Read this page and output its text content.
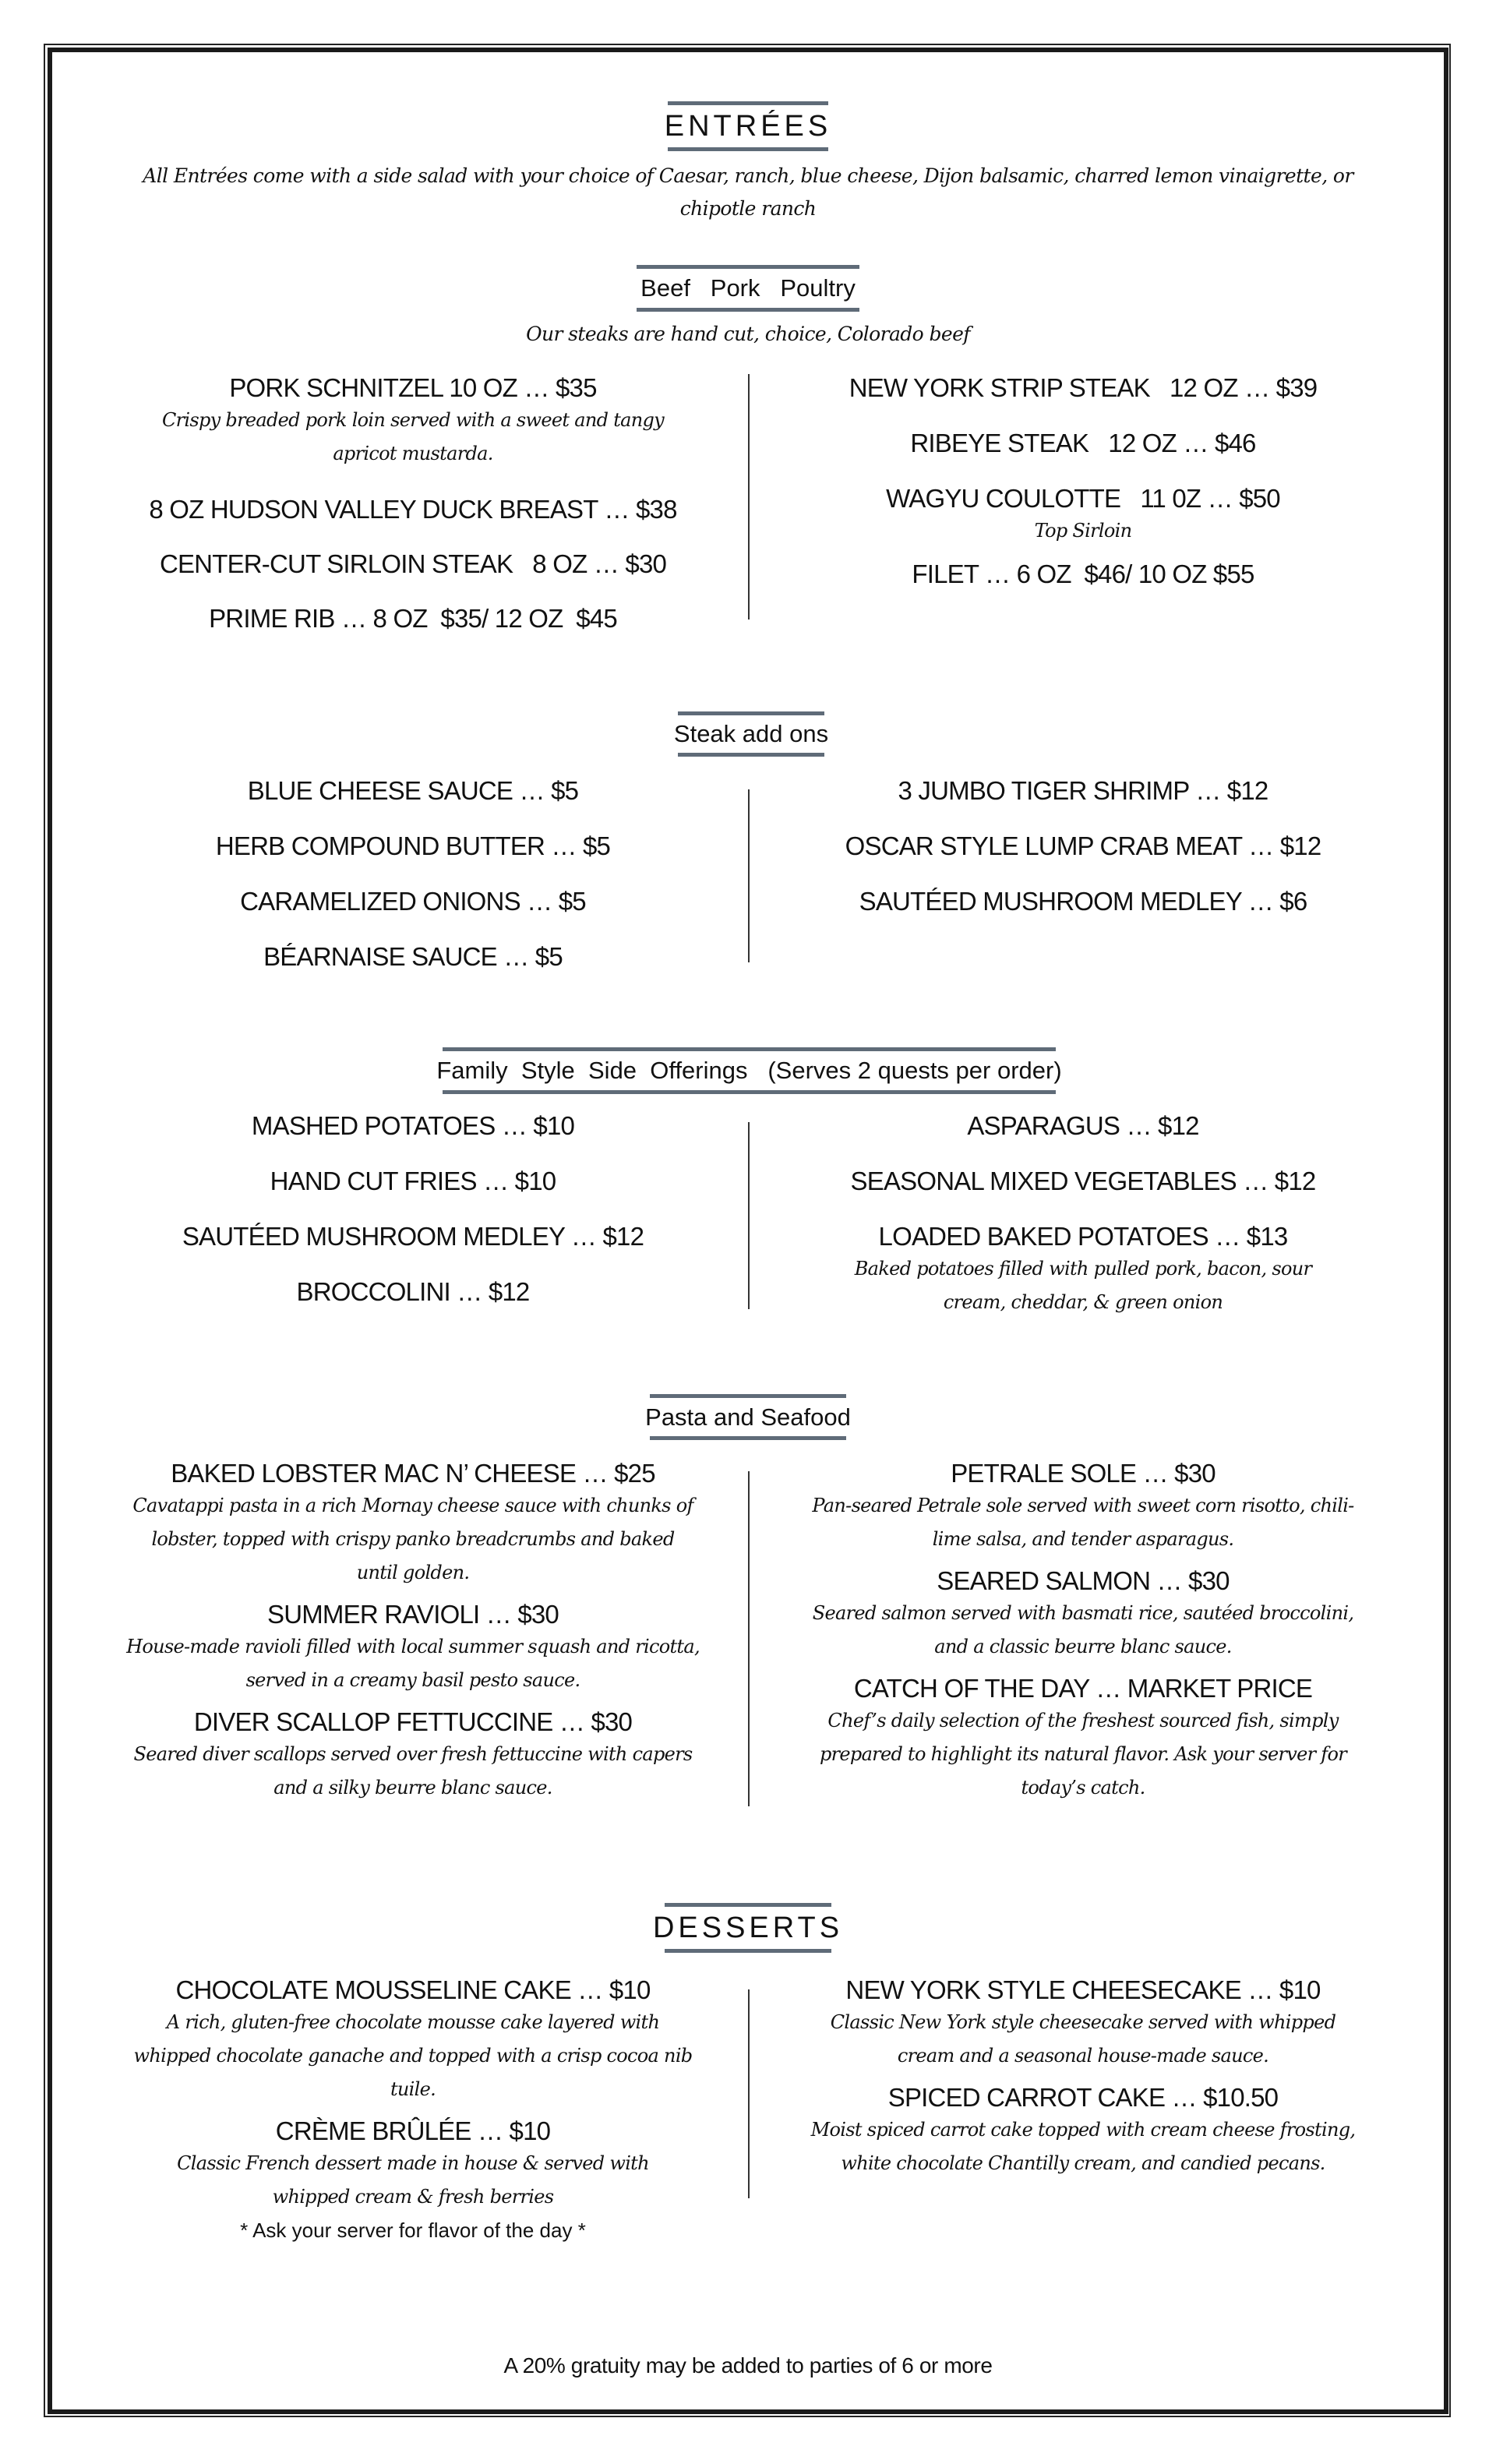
ENTRÉES
All Entrées come with a side salad with your choice of Caesar, ranch, blue cheese, Dijon balsamic, charred lemon vinaigrette, or chipotle ranch
Beef   Pork   Poultry
Our steaks are hand cut, choice, Colorado beef
PORK SCHNITZEL 10 OZ … $35
Crispy breaded pork loin served with a sweet and tangy apricot mustarda.
8 OZ HUDSON VALLEY DUCK BREAST … $38
CENTER-CUT SIRLOIN STEAK   8 OZ … $30
PRIME RIB … 8 OZ  $35/ 12 OZ  $45
NEW YORK STRIP STEAK   12 OZ … $39
RIBEYE STEAK   12 OZ … $46
WAGYU COULOTTE   11 0Z … $50
Top Sirloin
FILET … 6 OZ  $46/ 10 OZ $55
Steak add ons
BLUE CHEESE SAUCE … $5
HERB COMPOUND BUTTER … $5
CARAMELIZED ONIONS … $5
BÉARNAISE SAUCE … $5
3 JUMBO TIGER SHRIMP … $12
OSCAR STYLE LUMP CRAB MEAT … $12
SAUTÉED MUSHROOM MEDLEY … $6
Family  Style  Side  Offerings   (Serves 2 quests per order)
MASHED POTATOES … $10
HAND CUT FRIES … $10
SAUTÉED MUSHROOM MEDLEY … $12
BROCCOLINI … $12
ASPARAGUS … $12
SEASONAL MIXED VEGETABLES … $12
LOADED BAKED POTATOES … $13
Baked potatoes filled with pulled pork, bacon, sour cream, cheddar, & green onion
Pasta and Seafood
BAKED LOBSTER MAC N’ CHEESE … $25
Cavatappi pasta in a rich Mornay cheese sauce with chunks of lobster, topped with crispy panko breadcrumbs and baked until golden.
SUMMER RAVIOLI … $30
House-made ravioli filled with local summer squash and ricotta, served in a creamy basil pesto sauce.
DIVER SCALLOP FETTUCCINE … $30
Seared diver scallops served over fresh fettuccine with capers and a silky beurre blanc sauce.
PETRALE SOLE … $30
Pan-seared Petrale sole served with sweet corn risotto, chili-lime salsa, and tender asparagus.
SEARED SALMON … $30
Seared salmon served with basmati rice, sautéed broccolini, and a classic beurre blanc sauce.
CATCH OF THE DAY … MARKET PRICE
Chef’s daily selection of the freshest sourced fish, simply prepared to highlight its natural flavor. Ask your server for today’s catch.
DESSERTS
CHOCOLATE MOUSSELINE CAKE … $10
A rich, gluten-free chocolate mousse cake layered with whipped chocolate ganache and topped with a crisp cocoa nib tuile.
CRÈME BRÛLÉE … $10
Classic French dessert made in house & served with whipped cream & fresh berries
* Ask your server for flavor of the day *
NEW YORK STYLE CHEESECAKE … $10
Classic New York style cheesecake served with whipped cream and a seasonal house-made sauce.
SPICED CARROT CAKE … $10.50
Moist spiced carrot cake topped with cream cheese frosting, white chocolate Chantilly cream, and candied pecans.
A 20% gratuity may be added to parties of 6 or more
